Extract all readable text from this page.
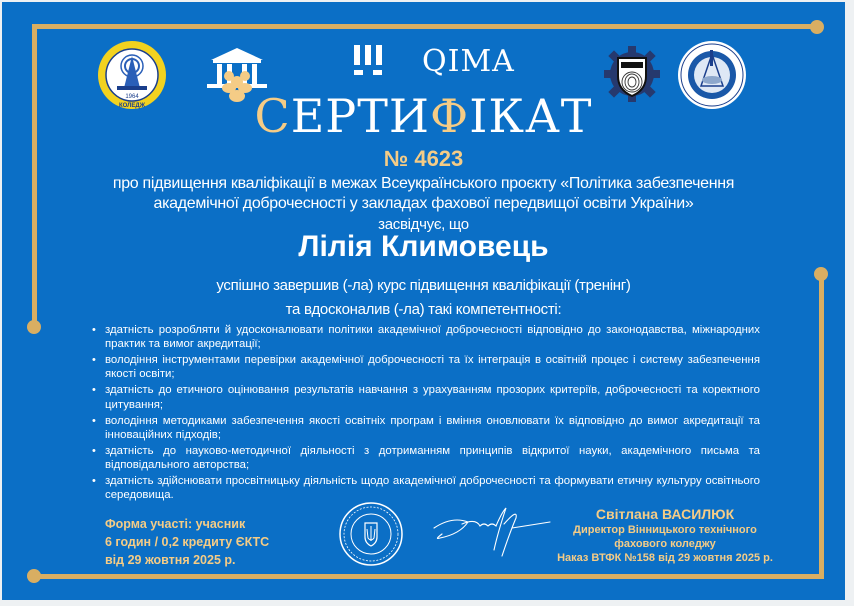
1964
КОЛЕДЖ
QIMA
СЕРТИФІКАТ
№ 4623
про підвищення кваліфікації в межах Всеукраїнського проєкту «Політика забезпечення
академічної доброчесності у закладах фахової передвищої освіти України»
засвідчує, що
Лілія Климовець
успішно завершив (-ла) курс підвищення кваліфікації (тренінг)
та вдосконалив (-ла) такі компетентності:
• здатність розробляти й удосконалювати політики академічної доброчесності відповідно до законодавства, міжнародних практик та вимог акредитації;
• володіння інструментами перевірки академічної доброчесності та їх інтеграція в освітній процес і систему забезпечення якості освіти;
• здатність до етичного оцінювання результатів навчання з урахуванням прозорих критеріїв, доброчесності та коректного цитування;
• володіння методиками забезпечення якості освітніх програм і вміння оновлювати їх відповідно до вимог акредитації та інноваційних підходів;
• здатність до науково-методичної діяльності з дотриманням принципів відкритої науки, академічного письма та відповідального авторства;
• здатність здійснювати просвітницьку діяльність щодо академічної доброчесності та формувати етичну культуру освітнього середовища.
Форма участі: учасник
6 годин / 0,2 кредиту ЄКТС
від 29 жовтня 2025 р.
Світлана ВАСИЛЮК
Директор Вінницького технічного
фахового коледжу
Наказ ВТФК №158 від 29 жовтня 2025 р.
